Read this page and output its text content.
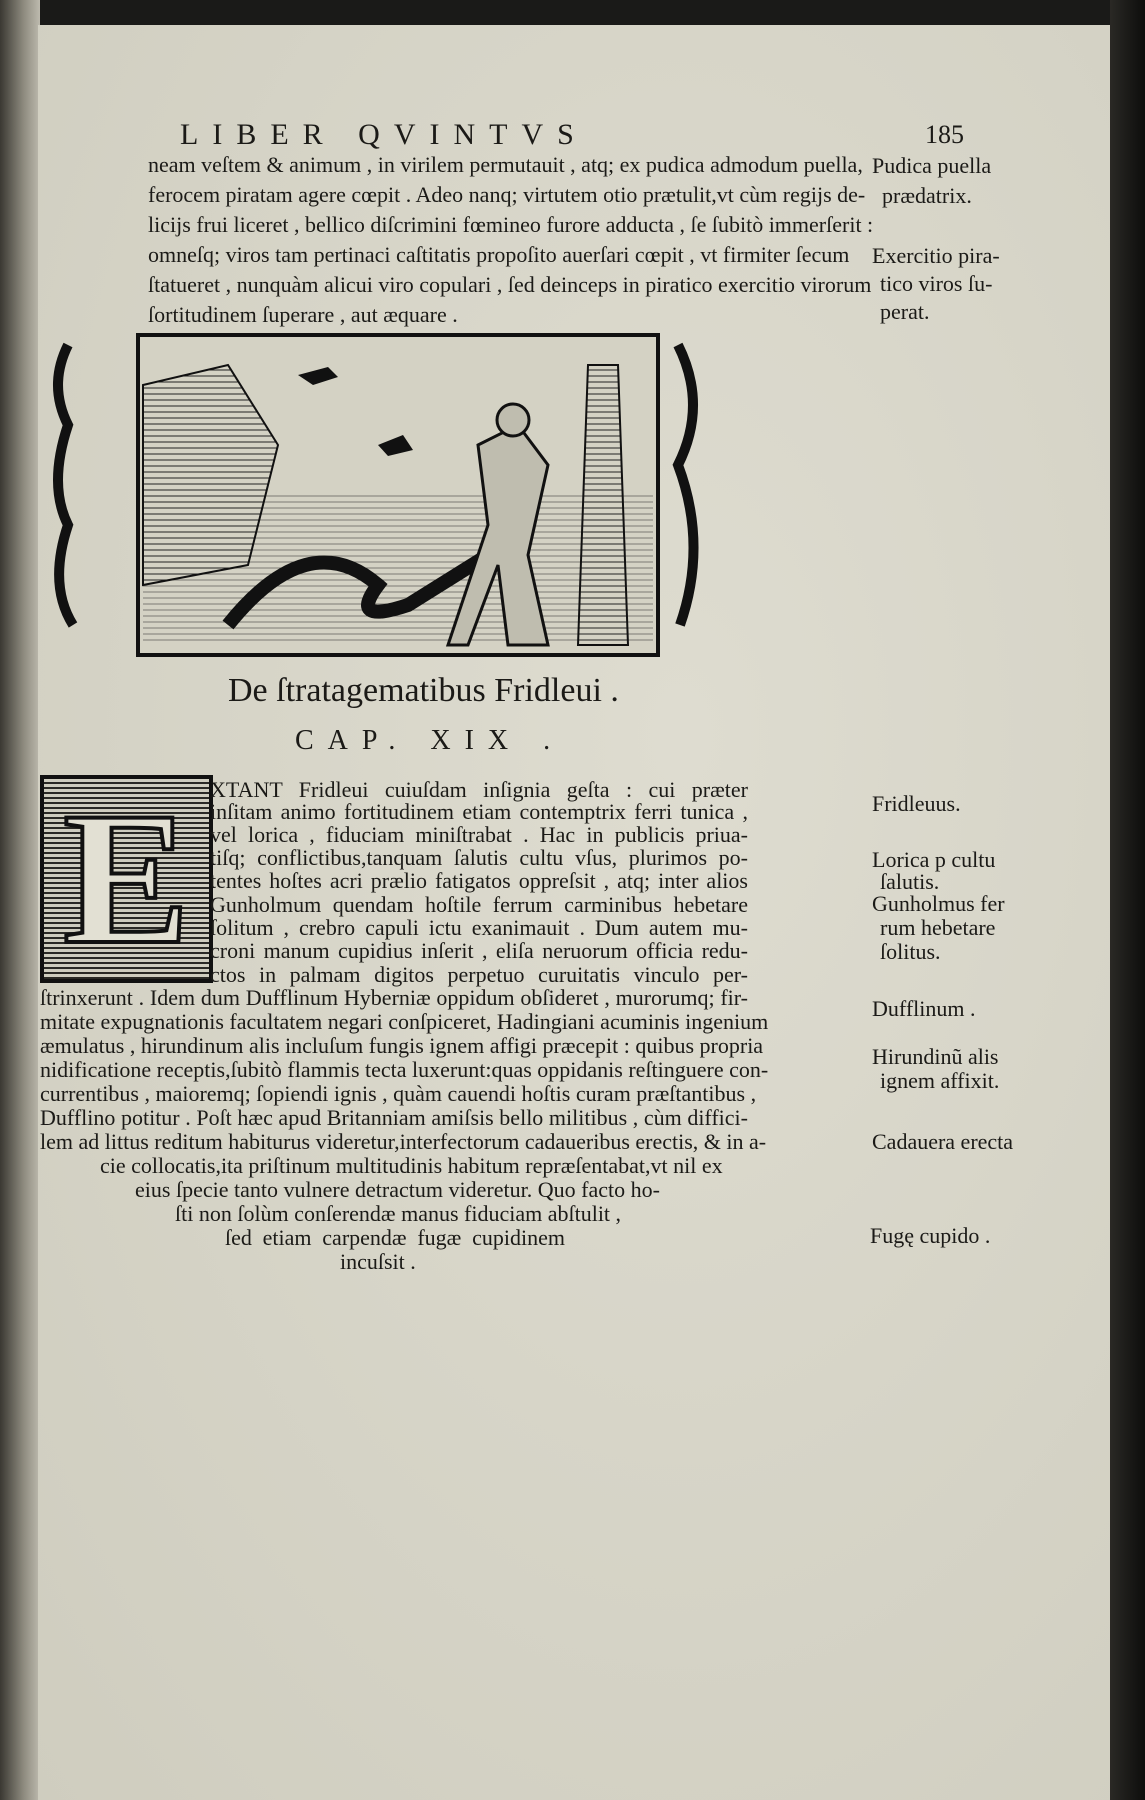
LIBER QVINTVS	185
neam veſtem & animum , in virilem permutauit , atq; ex pudica admodum puella,
ferocem piratam agere cœpit . Adeo nanq; virtutem otio prætulit,vt cùm regijs de-
licijs frui liceret , bellico diſcrimini fœmineo furore adducta , ſe ſubitò immerſerit :
omneſq; viros tam pertinaci caſtitatis propoſito auerſari cœpit , vt firmiter ſecum
ſtatueret , nunquàm alicui viro copulari , ſed deinceps in piratico exercitio virorum
ſortitudinem ſuperare , aut æquare .
Pudica puella
prædatrix.
Exercitio pira-
tico viros ſu-
perat.
De ſtratagematibus Fridleui .
CAP. XIX .
E XTANT Fridleui cuiuſdam inſignia geſta : cui præter
inſitam animo fortitudinem etiam contemptrix ferri tunica ,
vel lorica , fiduciam miniſtrabat . Hac in publicis priua-
tiſq; conflictibus,tanquam ſalutis cultu vſus, plurimos po-
tentes hoſtes acri prælio fatigatos oppreſsit , atq; inter alios
Gunholmum quendam hoſtile ferrum carminibus hebetare
ſolitum , crebro capuli ictu exanimauit . Dum autem mu-
croni manum cupidius inſerit , eliſa neruorum officia redu-
ctos in palmam digitos perpetuo curuitatis vinculo per-
ſtrinxerunt . Idem dum Dufflinum Hyberniæ oppidum obſideret , murorumq; fir-
mitate expugnationis facultatem negari conſpiceret, Hadingiani acuminis ingenium
æmulatus , hirundinum alis incluſum fungis ignem affigi præcepit : quibus propria
nidificatione receptis,ſubitò flammis tecta luxerunt:quas oppidanis reſtinguere con-
currentibus , maioremq; ſopiendi ignis , quàm cauendi hoſtis curam præſtantibus ,
Dufflino potitur . Poſt hæc apud Britanniam amiſsis bello militibus , cùm diffici-
lem ad littus reditum habiturus videretur,interfectorum cadaueribus erectis, & in a-
cie collocatis,ita priſtinum multitudinis habitum repræſentabat,vt nil ex
eius ſpecie tanto vulnere detractum videretur. Quo facto ho-
ſti non ſolùm conſerendæ manus fiduciam abſtulit ,
ſed etiam carpendæ fugæ cupidinem
incuſsit .
Fridleuus.
Lorica p cultu
ſalutis.
Gunholmus fer
rum hebetare
ſolitus.
Dufflinum .
Hirundinũ alis
ignem affixit.
Cadauera erecta
Fugę cupido .
